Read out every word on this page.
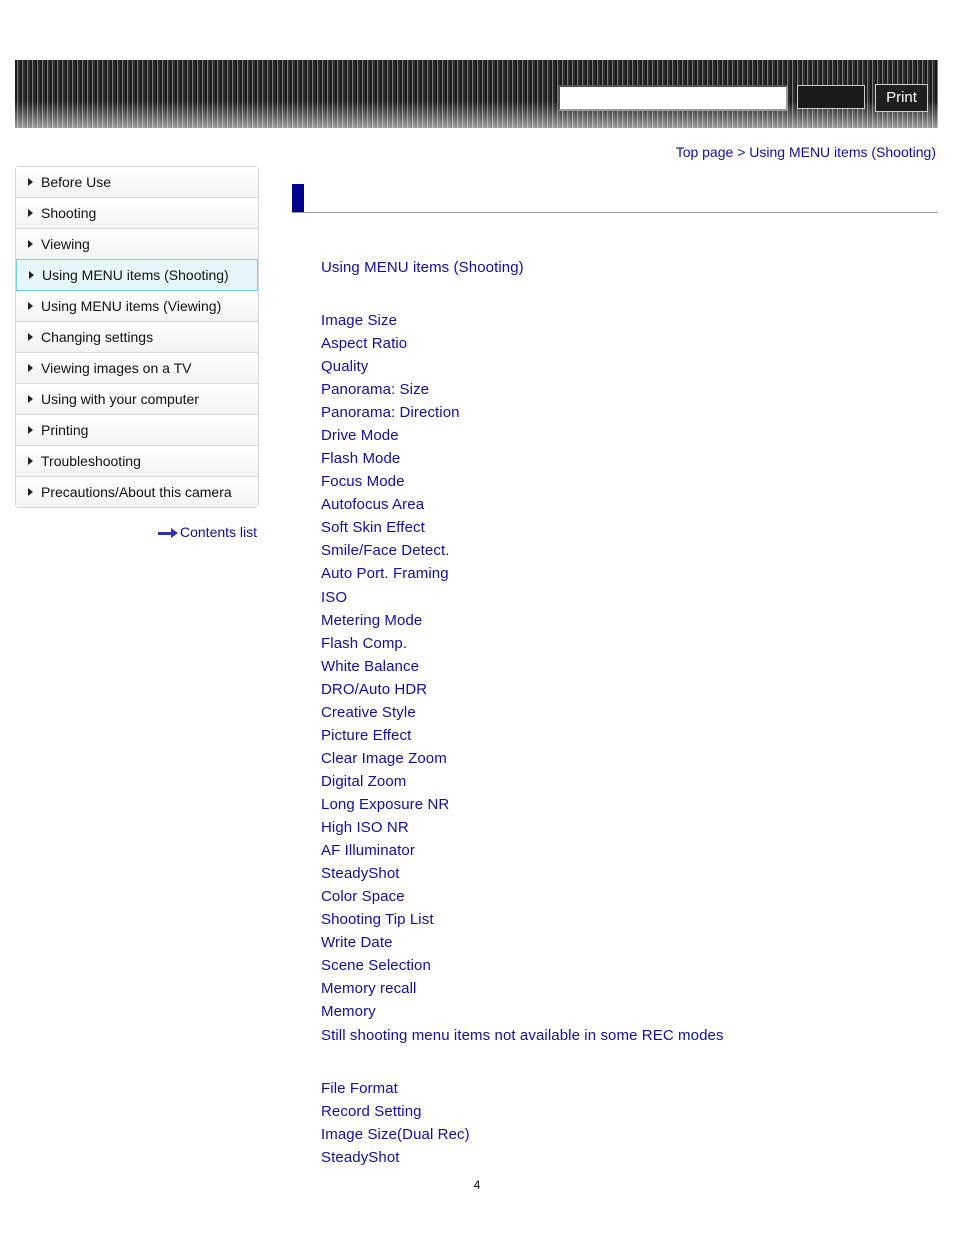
Print
Top page > Using MENU items (Shooting)
Before Use
Shooting
Viewing
Using MENU items (Shooting)
Using MENU items (Viewing)
Changing settings
Viewing images on a TV
Using with your computer
Printing
Troubleshooting
Precautions/About this camera
Contents list
Using MENU items (Shooting)
Image Size
Aspect Ratio
Quality
Panorama: Size
Panorama: Direction
Drive Mode
Flash Mode
Focus Mode
Autofocus Area
Soft Skin Effect
Smile/Face Detect.
Auto Port. Framing
ISO
Metering Mode
Flash Comp.
White Balance
DRO/Auto HDR
Creative Style
Picture Effect
Clear Image Zoom
Digital Zoom
Long Exposure NR
High ISO NR
AF Illuminator
SteadyShot
Color Space
Shooting Tip List
Write Date
Scene Selection
Memory recall
Memory
Still shooting menu items not available in some REC modes
File Format
Record Setting
Image Size(Dual Rec)
SteadyShot
4
